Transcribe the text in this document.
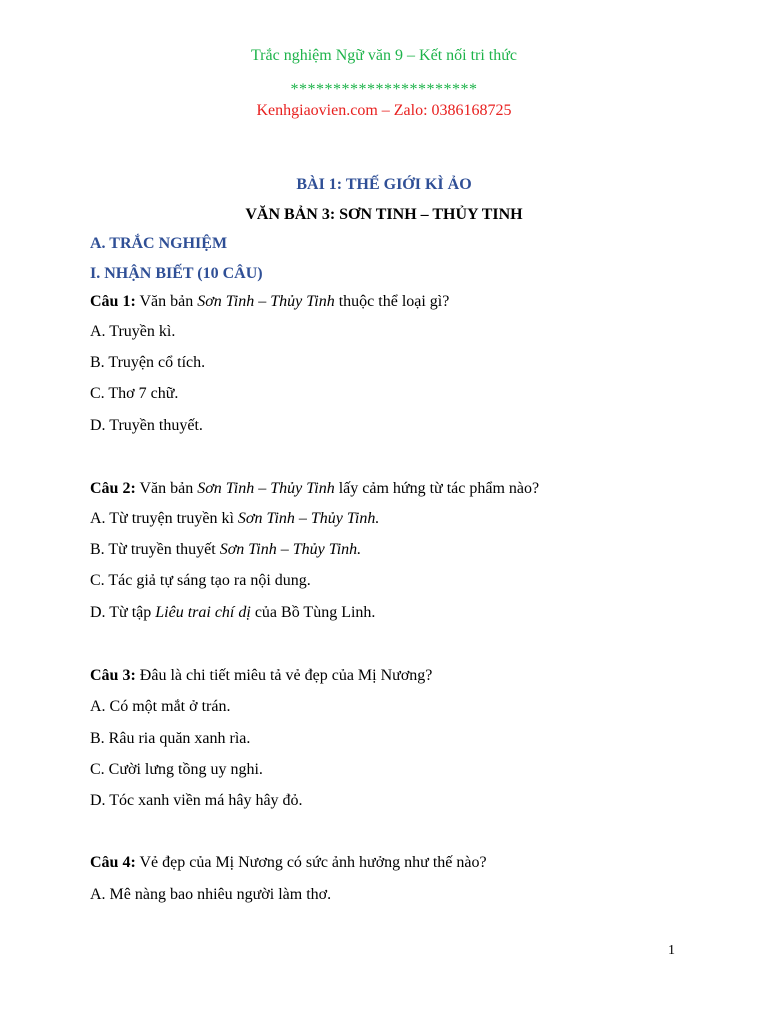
Trắc nghiệm Ngữ văn 9 – Kết nối tri thức
**********************
Kenhgiaovien.com – Zalo: 0386168725
BÀI 1: THẾ GIỚI KÌ ẢO
VĂN BẢN 3: SƠN TINH – THỦY TINH
A. TRẮC NGHIỆM
I. NHẬN BIẾT (10 CÂU)
Câu 1: Văn bản Sơn Tinh – Thủy Tinh thuộc thể loại gì?
A. Truyền kì.
B. Truyện cổ tích.
C. Thơ 7 chữ.
D. Truyền thuyết.
Câu 2: Văn bản Sơn Tinh – Thủy Tinh lấy cảm hứng từ tác phẩm nào?
A. Từ truyện truyền kì Sơn Tinh – Thủy Tinh.
B. Từ truyền thuyết Sơn Tinh – Thủy Tinh.
C. Tác giả tự sáng tạo ra nội dung.
D. Từ tập Liêu trai chí dị của Bồ Tùng Linh.
Câu 3: Đâu là chi tiết miêu tả vẻ đẹp của Mị Nương?
A. Có một mắt ở trán.
B. Râu ria quăn xanh rìa.
C. Cười lưng tồng uy nghi.
D. Tóc xanh viền má hây hây đỏ.
Câu 4: Vẻ đẹp của Mị Nương có sức ảnh hưởng như thế nào?
A. Mê nàng bao nhiêu người làm thơ.
1
